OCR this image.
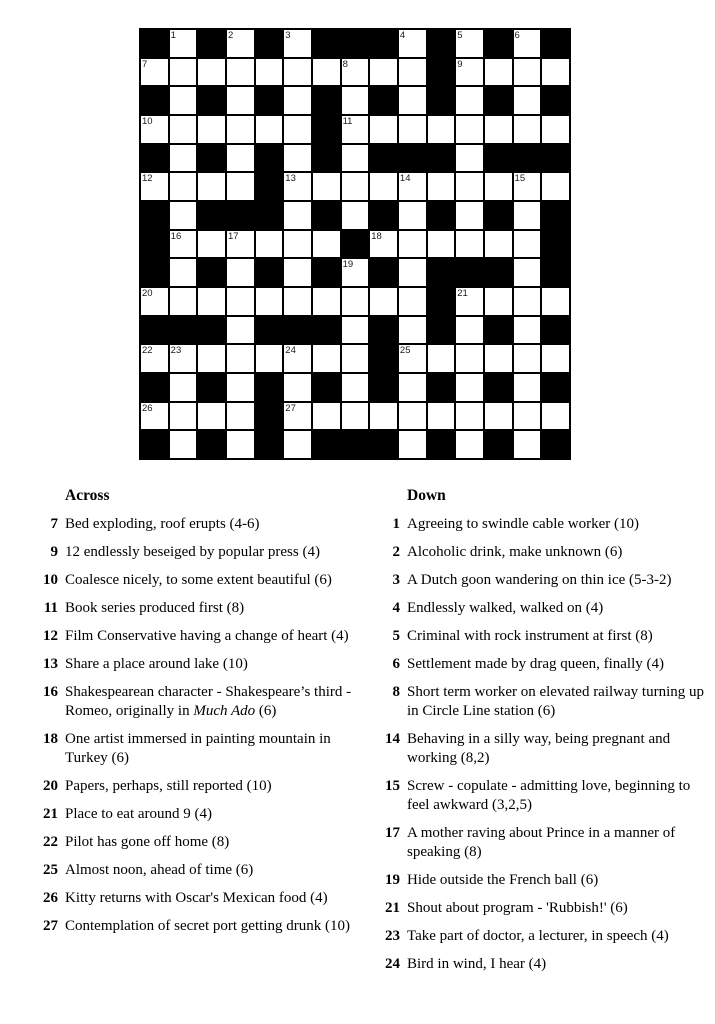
1	2	3	4	5	6
7	8	9
10	11
12	13	14	15
16	17	18
19
20	21
22 23	24	25
26	27
Across
7 Bed exploding, roof erupts (4-6)
9 12 endlessly beseiged by popular press (4)
10 Coalesce nicely, to some extent beautiful (6)
11 Book series produced first (8)
12 Film Conservative having a change of heart (4)
13 Share a place around lake (10)
16 Shakespearean character - Shakespeare’s third - Romeo, originally in Much Ado (6)
18 One artist immersed in painting mountain in Turkey (6)
20 Papers, perhaps, still reported (10)
21 Place to eat around 9 (4)
22 Pilot has gone off home (8)
25 Almost noon, ahead of time (6)
26 Kitty returns with Oscar's Mexican food (4)
27 Contemplation of secret port getting drunk (10)
Down
1 Agreeing to swindle cable worker (10)
2 Alcoholic drink, make unknown (6)
3 A Dutch goon wandering on thin ice (5-3-2)
4 Endlessly walked, walked on (4)
5 Criminal with rock instrument at first (8)
6 Settlement made by drag queen, finally (4)
8 Short term worker on elevated railway turning up in Circle Line station (6)
14 Behaving in a silly way, being pregnant and working (8,2)
15 Screw - copulate - admitting love, beginning to feel awkward (3,2,5)
17 A mother raving about Prince in a manner of speaking (8)
19 Hide outside the French ball (6)
21 Shout about program - 'Rubbish!' (6)
23 Take part of doctor, a lecturer, in speech (4)
24 Bird in wind, I hear (4)
